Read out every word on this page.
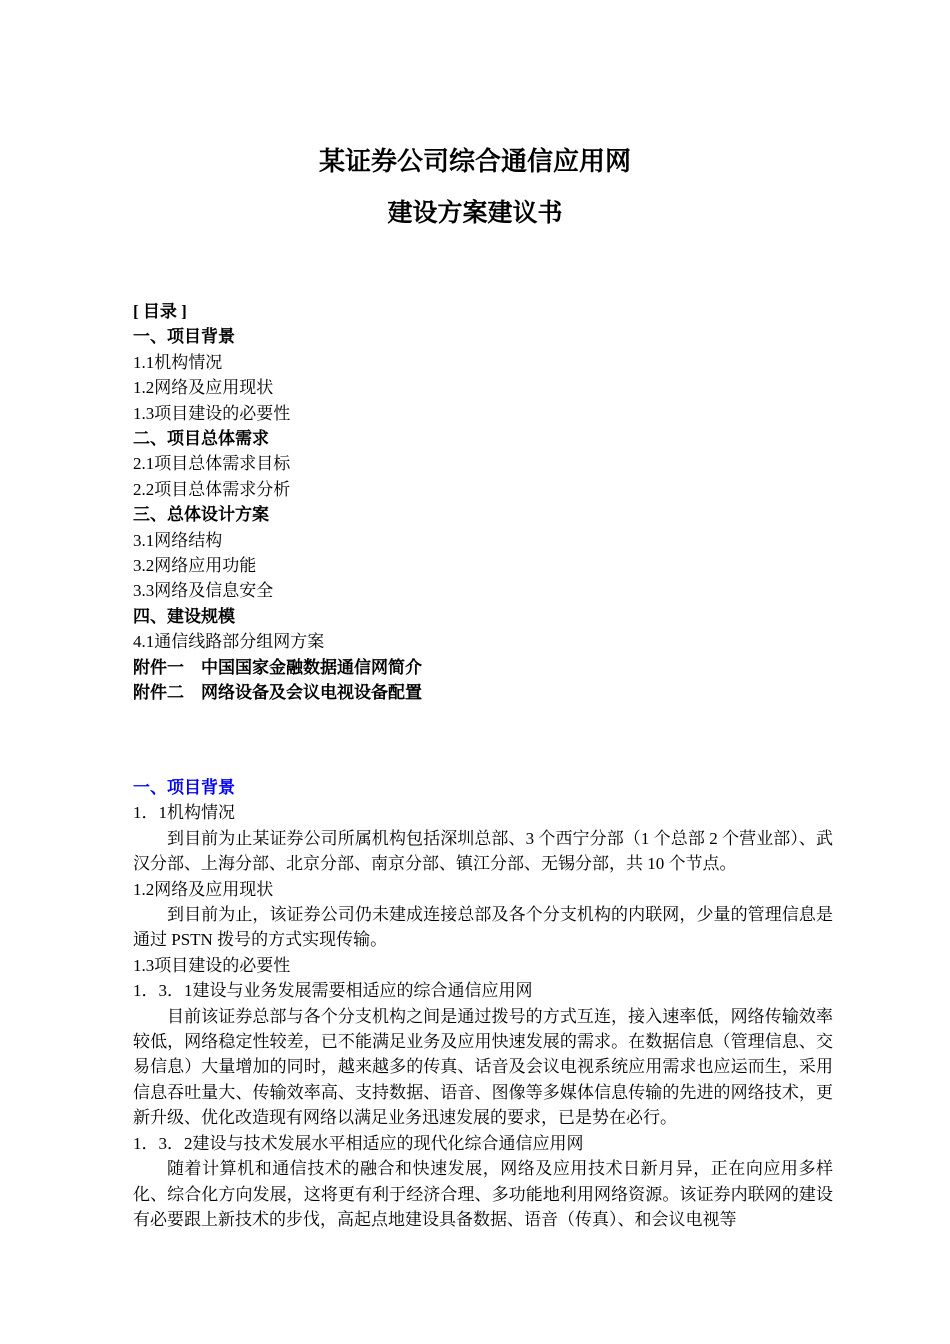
某证券公司综合通信应用网
建设方案建议书
[ 目录 ]
一、项目背景
1.1机构情况
1.2网络及应用现状
1.3项目建设的必要性
二、项目总体需求
2.1项目总体需求目标
2.2项目总体需求分析
三、总体设计方案
3.1网络结构
3.2网络应用功能
3.3网络及信息安全
四、建设规模
4.1通信线路部分组网方案
附件一　中国国家金融数据通信网简介
附件二　网络设备及会议电视设备配置
一、项目背景
1．1机构情况
到目前为止某证券公司所属机构包括深圳总部、3 个西宁分部（1 个总部 2 个营业部）、武汉分部、上海分部、北京分部、南京分部、镇江分部、无锡分部，共 10 个节点。
1.2网络及应用现状
到目前为止，该证券公司仍未建成连接总部及各个分支机构的内联网，少量的管理信息是通过 PSTN 拨号的方式实现传输。
1.3项目建设的必要性
1．3．1建设与业务发展需要相适应的综合通信应用网
目前该证券总部与各个分支机构之间是通过拨号的方式互连，接入速率低，网络传输效率较低，网络稳定性较差，已不能满足业务及应用快速发展的需求。在数据信息（管理信息、交易信息）大量增加的同时，越来越多的传真、话音及会议电视系统应用需求也应运而生，采用信息吞吐量大、传输效率高、支持数据、语音、图像等多媒体信息传输的先进的网络技术，更新升级、优化改造现有网络以满足业务迅速发展的要求，已是势在必行。
1．3．2建设与技术发展水平相适应的现代化综合通信应用网
随着计算机和通信技术的融合和快速发展，网络及应用技术日新月异，正在向应用多样化、综合化方向发展，这将更有利于经济合理、多功能地利用网络资源。该证券内联网的建设有必要跟上新技术的步伐，高起点地建设具备数据、语音（传真）、和会议电视等
